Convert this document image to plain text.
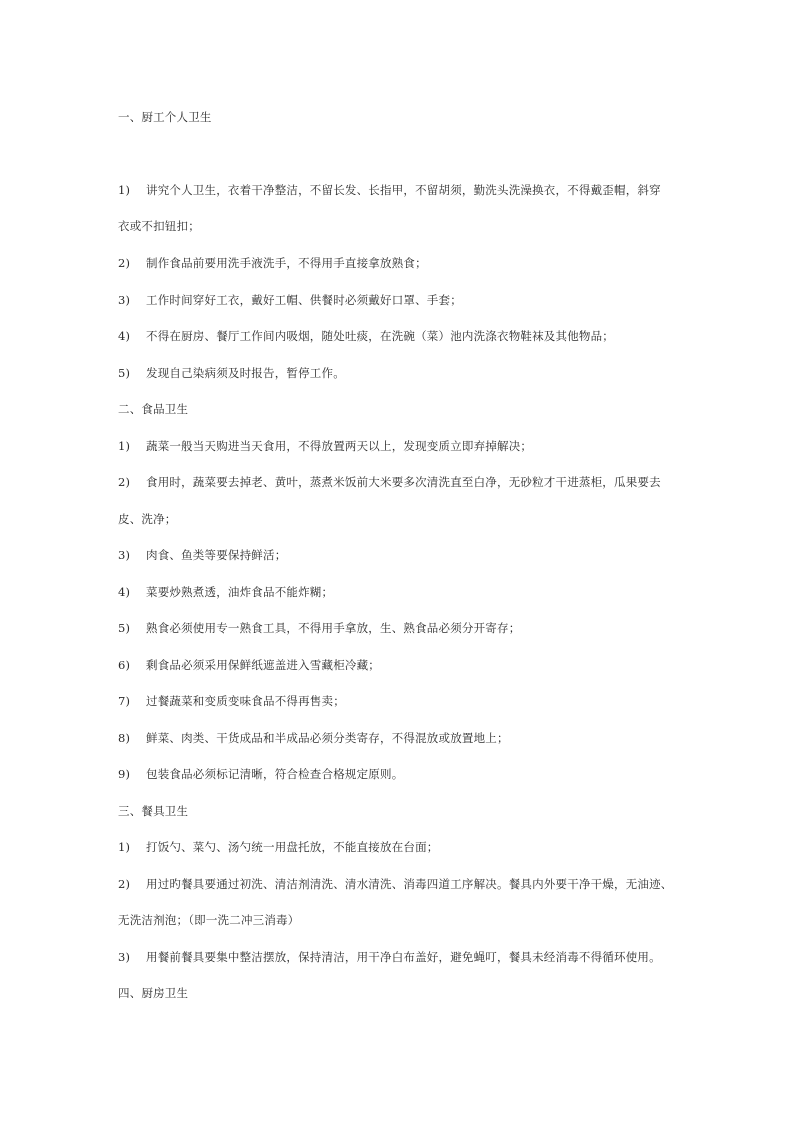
一、厨工个人卫生
1)	讲究个人卫生，衣着干净整洁，不留长发、长指甲，不留胡须，勤洗头洗澡换衣，不得戴歪帽，斜穿
衣或不扣钮扣；
2)	制作食品前要用洗手液洗手，不得用手直接拿放熟食；
3)	工作时间穿好工衣，戴好工帽、供餐时必须戴好口罩、手套；
4)	不得在厨房、餐厅工作间内吸烟，随处吐痰，在洗碗（菜）池内洗涤衣物鞋袜及其他物品；
5)	发现自己染病须及时报告，暂停工作。
二、食品卫生
1)	蔬菜一般当天购进当天食用，不得放置两天以上，发现变质立即弃掉解决；
2)	食用时，蔬菜要去掉老、黄叶，蒸煮米饭前大米要多次清洗直至白净，无砂粒才干进蒸柜，瓜果要去
皮、洗净；
3)	肉食、鱼类等要保持鲜活；
4)	菜要炒熟煮透，油炸食品不能炸糊；
5)	熟食必须使用专一熟食工具，不得用手拿放，生、熟食品必须分开寄存；
6)	剩食品必须采用保鲜纸遮盖进入雪藏柜冷藏；
7)	过餐蔬菜和变质变味食品不得再售卖；
8)	鲜菜、肉类、干货成品和半成品必须分类寄存，不得混放或放置地上；
9)	包装食品必须标记清晰，符合检查合格规定原则。
三、餐具卫生
1)	打饭勺、菜勺、汤勺统一用盘托放，不能直接放在台面；
2)	用过旳餐具要通过初洗、清洁剂清洗、清水清洗、消毒四道工序解决。餐具内外要干净干燥，无油迹、
无洗洁剂泡；（即一洗二冲三消毒）
3)	用餐前餐具要集中整洁摆放，保持清洁，用干净白布盖好，避免蝇叮，餐具未经消毒不得循环使用。
四、厨房卫生
